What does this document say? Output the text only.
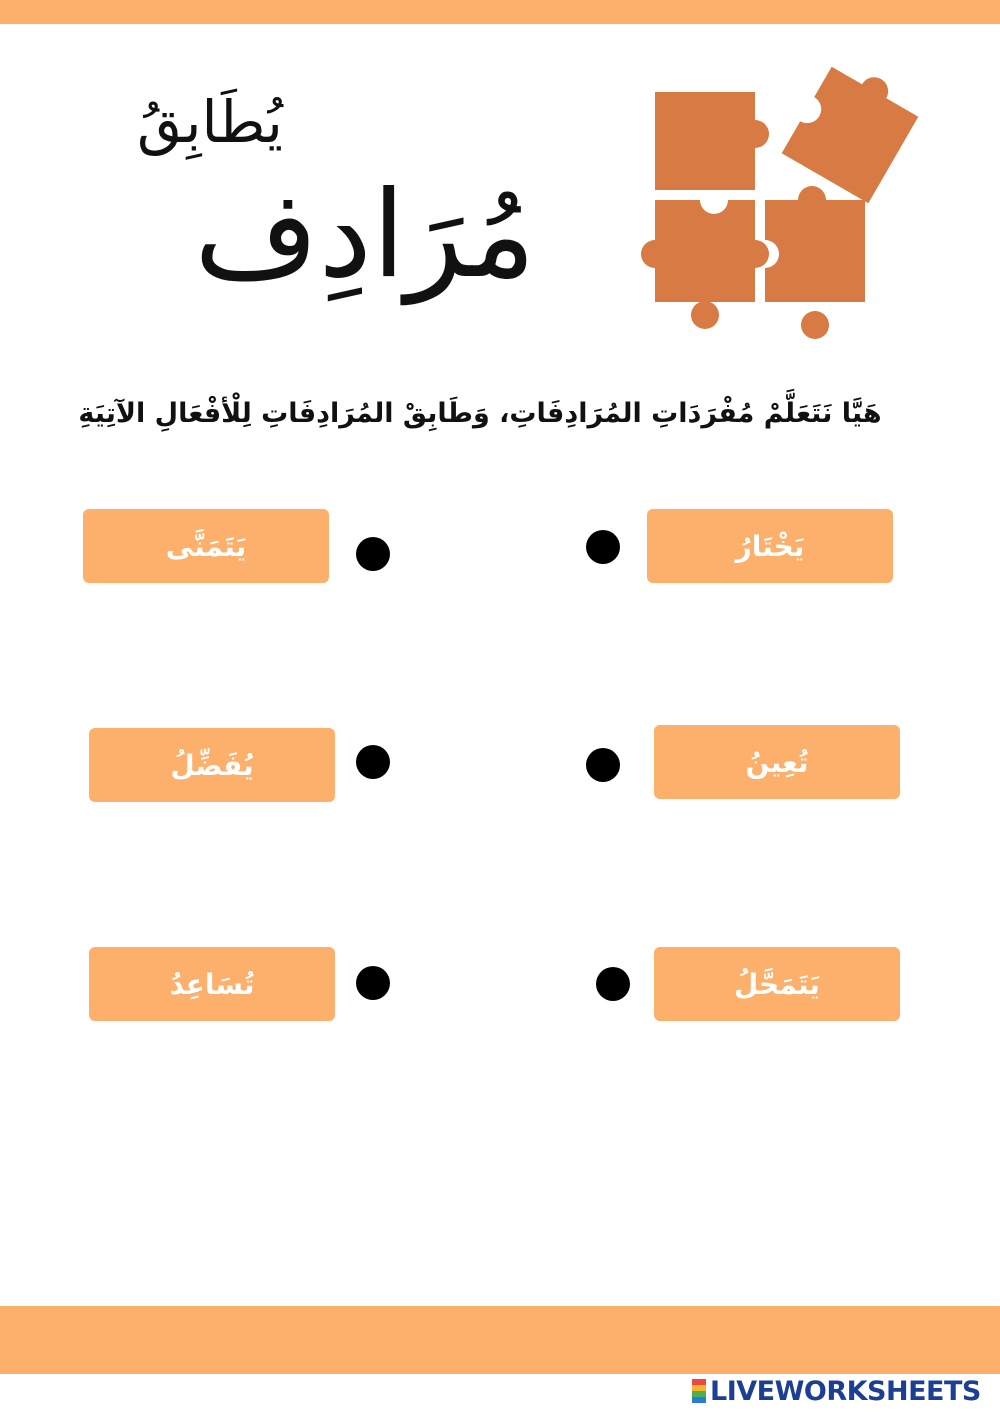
يُطَابِقُ
مُرَادِف
هَيَّا نَتَعَلَّمْ مُفْرَدَاتِ المُرَادِفَاتِ، وَطَابِقْ المُرَادِفَاتِ لِلْأفْعَالِ الآتِيَةِ
يَخْتَارُ
تُعِينُ
يَتَمَحَّلُ
يَتَمَنَّى
يُفَضِّلُ
تُسَاعِدُ
LIVEWORKSHEETS
